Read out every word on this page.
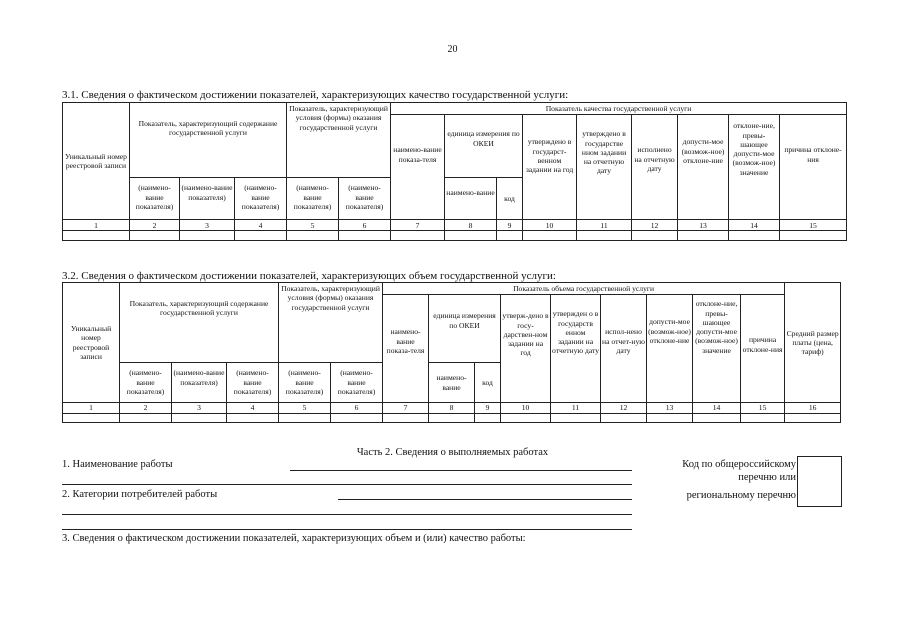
20
3.1. Сведения о фактическом достижении показателей, характеризующих качество государственной услуги:
Уникальный номер реестровой записи	Показатель, характеризующий содержание государственной услуги			Показатель, характеризующий условия (формы) оказания государственной услуги		Показатель качества государственной услуги								
						наимено-вание показа-теля	единица измерения по ОКЕИ		утверждено в государст-венном задании на год	утверждено в государстве нном задании на отчетную дату	исполнено на отчетную дату	допусти-мое (возмож-ное) отклоне-ние	отклоне-ние, превы-шающее допусти-мое (возмож-ное) значение	причина отклоне-ния
	(наимено-вание показателя)	(наимено-вание показателя)	(наимено-вание показателя)	(наимено-вание показателя)	(наимено-вание показателя)		наимено-вание	код						
1	2	3	4	5	6	7	8	9	10	11	12	13	14	15

3.2. Сведения о фактическом достижении показателей, характеризующих объем государственной услуги:
Уникальный номер реестровой записи	Показатель, характеризующий содержание государственной услуги			Показатель, характеризующий условия (формы) оказания государственной услуги		Показатель объема государственной услуги									Средний размер платы (цена, тариф)
						наимено-вание показа-теля	единица измерения по ОКЕИ		утверж-дено в госу-дарствен-ном задании на год	утвержден о в государств енном задании на отчетную дату	испол-нено на отчет-ную дату	допусти-мое (возмож-ное) отклоне-ние	отклоне-ние, превы-шающее допусти-мое (возмож-ное) значение	причина отклоне-ния	
	(наимено-вание показателя)	(наимено-вание показателя)	(наимено-вание показателя)	(наимено-вание показателя)	(наимено-вание показателя)		наимено-вание	код							
1	2	3	4	5	6	7	8	9	10	11	12	13	14	15	16

Часть 2. Сведения о выполняемых работах
1. Наименование работы
2. Категории потребителей работы
Код по общероссийскому
перечню или
региональному перечню
3. Сведения о фактическом достижении показателей, характеризующих объем и (или) качество работы:
